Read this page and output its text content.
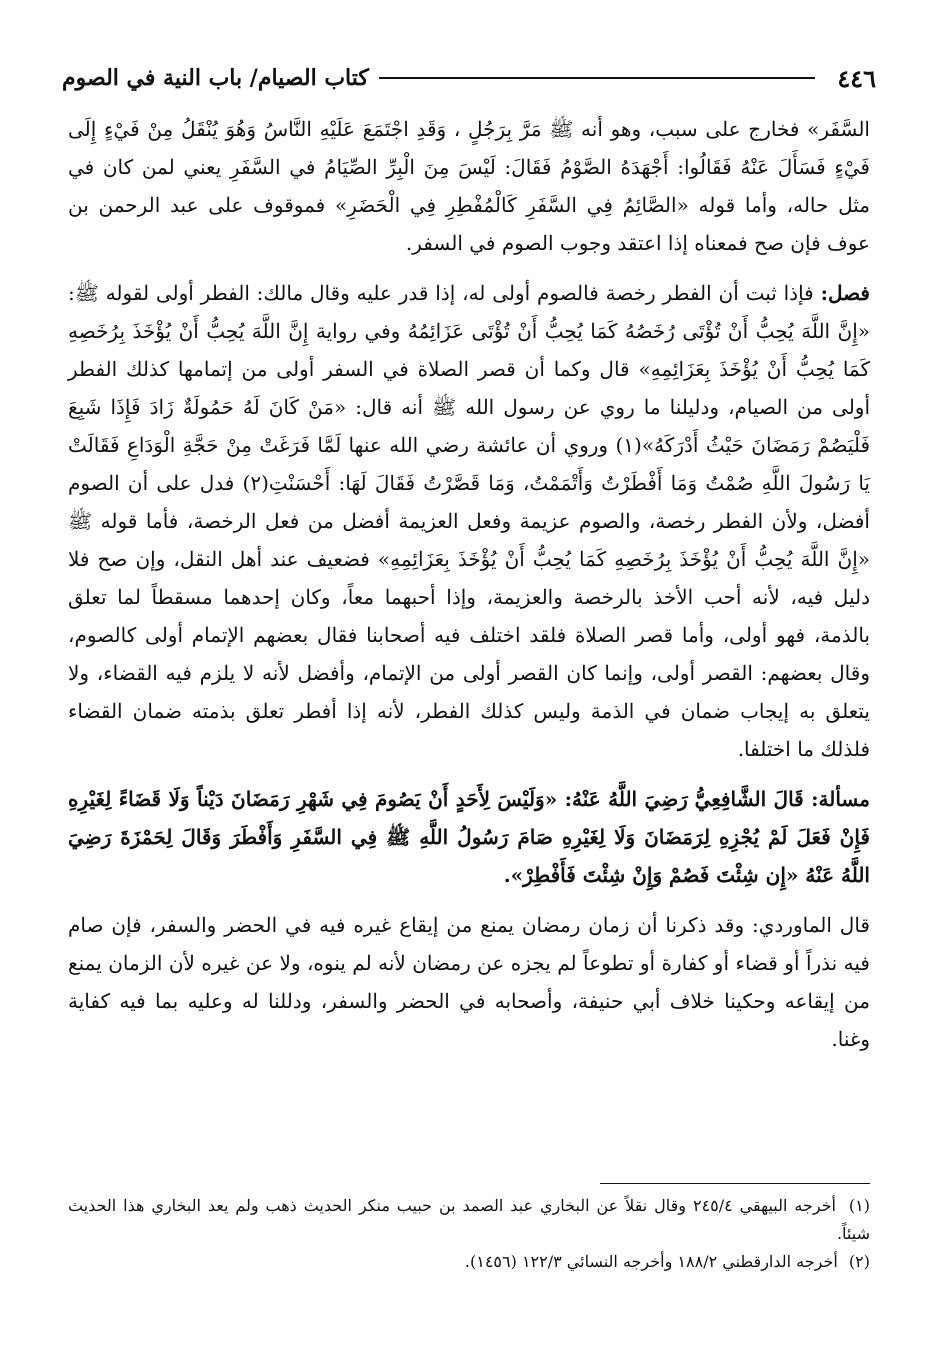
٤٤٦
كتاب الصيام/ باب النية في الصوم

السَّفَر» فخارج على سبب، وهو أنه ﷺ مَرَّ بِرَجُلٍ ، وَقَدِ اجْتَمَعَ عَلَيْهِ النَّاسُ وَهُوَ يُنْقَلُ مِنْ فَيْءٍ إِلَى فَيْءٍ فَسَأَلَ عَنْهُ فَقَالُوا: أَجْهَدَهُ الصَّوْمُ فَقَالَ: لَيْسَ مِنَ الْبِرِّ الصِّيَامُ في السَّفَرِ يعني لمن كان في مثل حاله، وأما قوله «الصَّائِمُ فِي السَّفَرِ كَالْمُفْطِرِ فِي الْحَضَرِ» فموقوف على عبد الرحمن بن عوف فإن صح فمعناه إذا اعتقد وجوب الصوم في السفر.

فصل: فإذا ثبت أن الفطر رخصة فالصوم أولى له، إذا قدر عليه وقال مالك: الفطر أولى لقوله ﷺ: «إِنَّ اللَّهَ يُحِبُّ أَنْ تُؤْتَى رُخَصُهُ كَمَا يُحِبُّ أَنْ تُؤْتَى عَزَائِمُهُ وفي رواية إِنَّ اللَّهَ يُحِبُّ أَنْ يُؤْخَذَ بِرُخَصِهِ كَمَا يُحِبُّ أَنْ يُؤْخَذَ بِعَزَائِمِهِ» قال وكما أن قصر الصلاة في السفر أولى من إتمامها كذلك الفطر أولى من الصيام، ودليلنا ما روي عن رسول الله ﷺ أنه قال: «مَنْ كَانَ لَهُ حَمُولَةٌ زَادَ فَإِذَا شَبِعَ فَلْيَصُمْ رَمَضَانَ حَيْثُ أَدْرَكَهُ»(١) وروي أن عائشة رضي الله عنها لَمَّا فَرَغَتْ مِنْ حَجَّةِ الْوَدَاعِ فَقَالَتْ يَا رَسُولَ اللَّهِ صُمْتُ وَمَا أَفْطَرْتُ وَأَتْمَمْتُ، وَمَا قَصَّرْتُ فَقَالَ لَهَا: أَحْسَنْتِ(٢) فدل على أن الصوم أفضل، ولأن الفطر رخصة، والصوم عزيمة وفعل العزيمة أفضل من فعل الرخصة، فأما قوله ﷺ «إِنَّ اللَّهَ يُحِبُّ أَنْ يُؤْخَذَ بِرُخَصِهِ كَمَا يُحِبُّ أَنْ يُؤْخَذَ بِعَزَائِمِهِ» فضعيف عند أهل النقل، وإن صح فلا دليل فيه، لأنه أحب الأخذ بالرخصة والعزيمة، وإذا أحبهما معاً، وكان إحدهما مسقطاً لما تعلق بالذمة، فهو أولى، وأما قصر الصلاة فلقد اختلف فيه أصحابنا فقال بعضهم الإتمام أولى كالصوم، وقال بعضهم: القصر أولى، وإنما كان القصر أولى من الإتمام، وأفضل لأنه لا يلزم فيه القضاء، ولا يتعلق به إيجاب ضمان في الذمة وليس كذلك الفطر، لأنه إذا أفطر تعلق بذمته ضمان القضاء فلذلك ما اختلفا.

مسألة: قَالَ الشَّافِعِيُّ رَضِيَ اللَّهُ عَنْهُ: «وَلَيْسَ لِأَحَدٍ أَنْ يَصُومَ فِي شَهْرِ رَمَضَانَ دَيْناً وَلَا قَضَاءً لِغَيْرِهِ فَإِنْ فَعَلَ لَمْ يُجْزِهِ لِرَمَضَانَ وَلَا لِغَيْرِهِ صَامَ رَسُولُ اللَّهِ ﷺ فِي السَّفَرِ وَأَفْطَرَ وَقَالَ لِحَمْزَةَ رَضِيَ اللَّهُ عَنْهُ «إِن شِئْتَ فَصُمْ وَإِنْ شِئْتَ فَأَفْطِرْ».

قال الماوردي: وقد ذكرنا أن زمان رمضان يمنع من إيقاع غيره فيه في الحضر والسفر، فإن صام فيه نذراً أو قضاء أو كفارة أو تطوعاً لم يجزه عن رمضان لأنه لم ينوه، ولا عن غيره لأن الزمان يمنع من إيقاعه وحكينا خلاف أبي حنيفة، وأصحابه في الحضر والسفر، ودللنا له وعليه بما فيه كفاية وغنا.

(١) أخرجه البيهقي ٢٤٥/٤ وقال نقلاً عن البخاري عبد الصمد بن حبيب منكر الحديث ذهب ولم يعد البخاري هذا الحديث شيئاً.

(٢) أخرجه الدارقطني ١٨٨/٢ وأخرجه النسائي ١٢٢/٣ (١٤٥٦).
